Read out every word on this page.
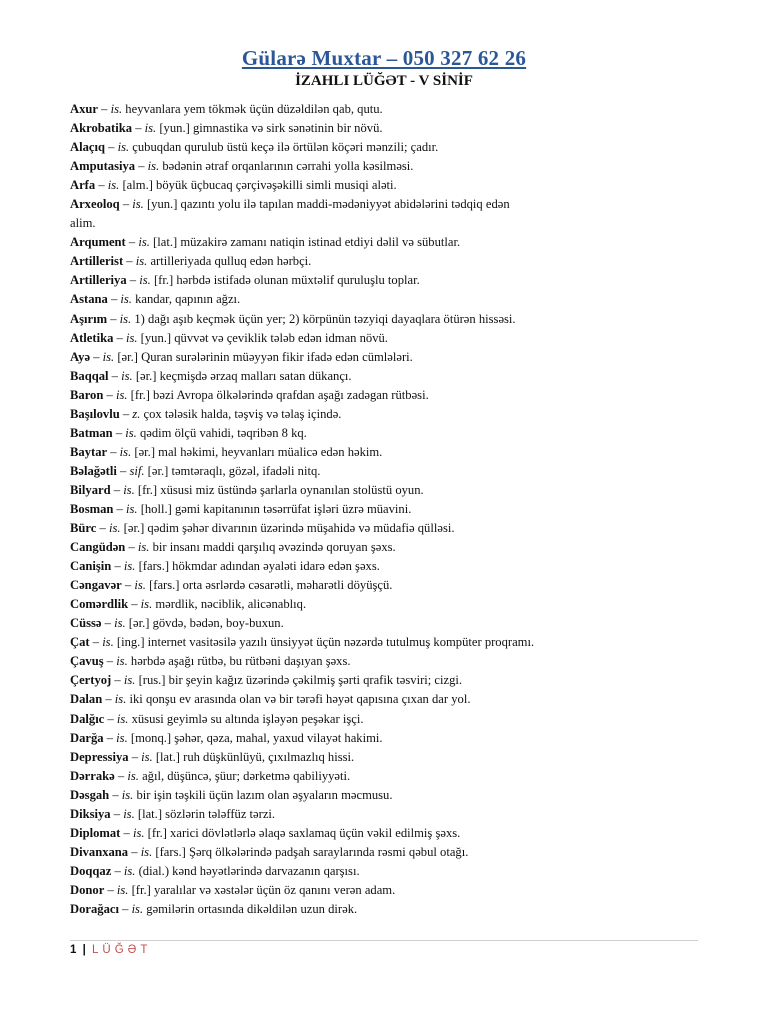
Gülarə Muxtar – 050 327 62 26
İZAHLI LÜĞƏT - V SİNİF
Axur – is. heyvanlara yem tökmək üçün düzəldilən qab, qutu.
Akrobatika – is. [yun.] gimnastika və sirk sənətinin bir növü.
Alaçıq – is. çubuqdan qurulub üstü keçə ilə örtülən köçəri mənzili; çadır.
Amputasiya – is. bədənin ətraf orqanlarının cərrahi yolla kəsilməsi.
Arfa – is. [alm.] böyük üçbucaq çərçivəşəkilli simli musiqi aləti.
Arxeoloq – is. [yun.] qazıntı yolu ilə tapılan maddi-mədəniyyət abidələrini tədqiq edən alim.
Arqument – is. [lat.] müzakirə zamanı natiqin istinad etdiyi dəlil və sübutlar.
Artillerist – is. artilleriyada qulluq edən hərbçi.
Artilleriya – is. [fr.] hərbdə istifadə olunan müxtəlif quruluşlu toplar.
Astana – is. kandar, qapının ağzı.
Aşırım – is. 1) dağı aşıb keçmək üçün yer; 2) körpünün təzyiqi dayaqlara ötürən hissəsi.
Atletika – is. [yun.] qüvvət və çeviklik tələb edən idman növü.
Ayə – is. [ər.] Quran surələrinin müəyyən fikir ifadə edən cümlələri.
Baqqal – is. [ər.] keçmişdə ərzaq malları satan dükançı.
Baron – is. [fr.] bəzi Avropa ölkələrində qrafdan aşağı zadəgan rütbəsi.
Başılovlu – z. çox tələsik halda, təşviş və təlaş içində.
Batman – is. qədim ölçü vahidi, təqribən 8 kq.
Baytar – is. [ər.] mal həkimi, heyvanları müalicə edən həkim.
Bəlağətli – sif. [ər.] təmtəraqlı, gözəl, ifadəli nitq.
Bilyard – is. [fr.] xüsusi miz üstündə şarlarla oynanılan stolüstü oyun.
Bosman – is. [holl.] gəmi kapitanının təsərrüfat işləri üzrə müavini.
Bürc – is. [ər.] qədim şəhər divarının üzərində müşahidə və müdafiə qülləsi.
Cangüdən – is. bir insanı maddi qarşılıq əvəzində qoruyan şəxs.
Canişin – is. [fars.] hökmdar adından əyaləti idarə edən şəxs.
Cəngavər – is. [fars.] orta əsrlərdə cəsarətli, məharətli döyüşçü.
Comərdlik – is. mərdlik, nəciblik, alicənablıq.
Cüssə – is. [ər.] gövdə, bədən, boy-buxun.
Çat – is. [ing.] internet vasitəsilə yazılı ünsiyyət üçün nəzərdə tutulmuş kompüter proqramı.
Çavuş – is. hərbdə aşağı rütbə, bu rütbəni daşıyan şəxs.
Çertyoj – is. [rus.] bir şeyin kağız üzərində çəkilmiş şərti qrafik təsviri; cizgi.
Dalan – is. iki qonşu ev arasında olan və bir tərəfi həyət qapısına çıxan dar yol.
Dalğıc – is. xüsusi geyimlə su altında işləyən peşəkar işçi.
Darğa – is. [monq.] şəhər, qəza, mahal, yaxud vilayət hakimi.
Depressiya – is. [lat.] ruh düşkünlüyü, çıxılmazlıq hissi.
Dərrakə – is. ağıl, düşüncə, şüur; dərketmə qabiliyyəti.
Dəsgah – is. bir işin təşkili üçün lazım olan əşyaların məcmusu.
Diksiya – is. [lat.] sözlərin tələffüz tərzi.
Diplomat – is. [fr.] xarici dövlətlərlə əlaqə saxlamaq üçün vəkil edilmiş şəxs.
Divanxana – is. [fars.] Şərq ölkələrində padşah saraylarında rəsmi qəbul otağı.
Doqqaz – is. (dial.) kənd həyətlərində darvazanın qarşısı.
Donor – is. [fr.] yaralılar və xəstələr üçün öz qanını verən adam.
Dorağacı – is. gəmilərin ortasında dikəldilən uzun dirək.
1 | LÜĞƏT
